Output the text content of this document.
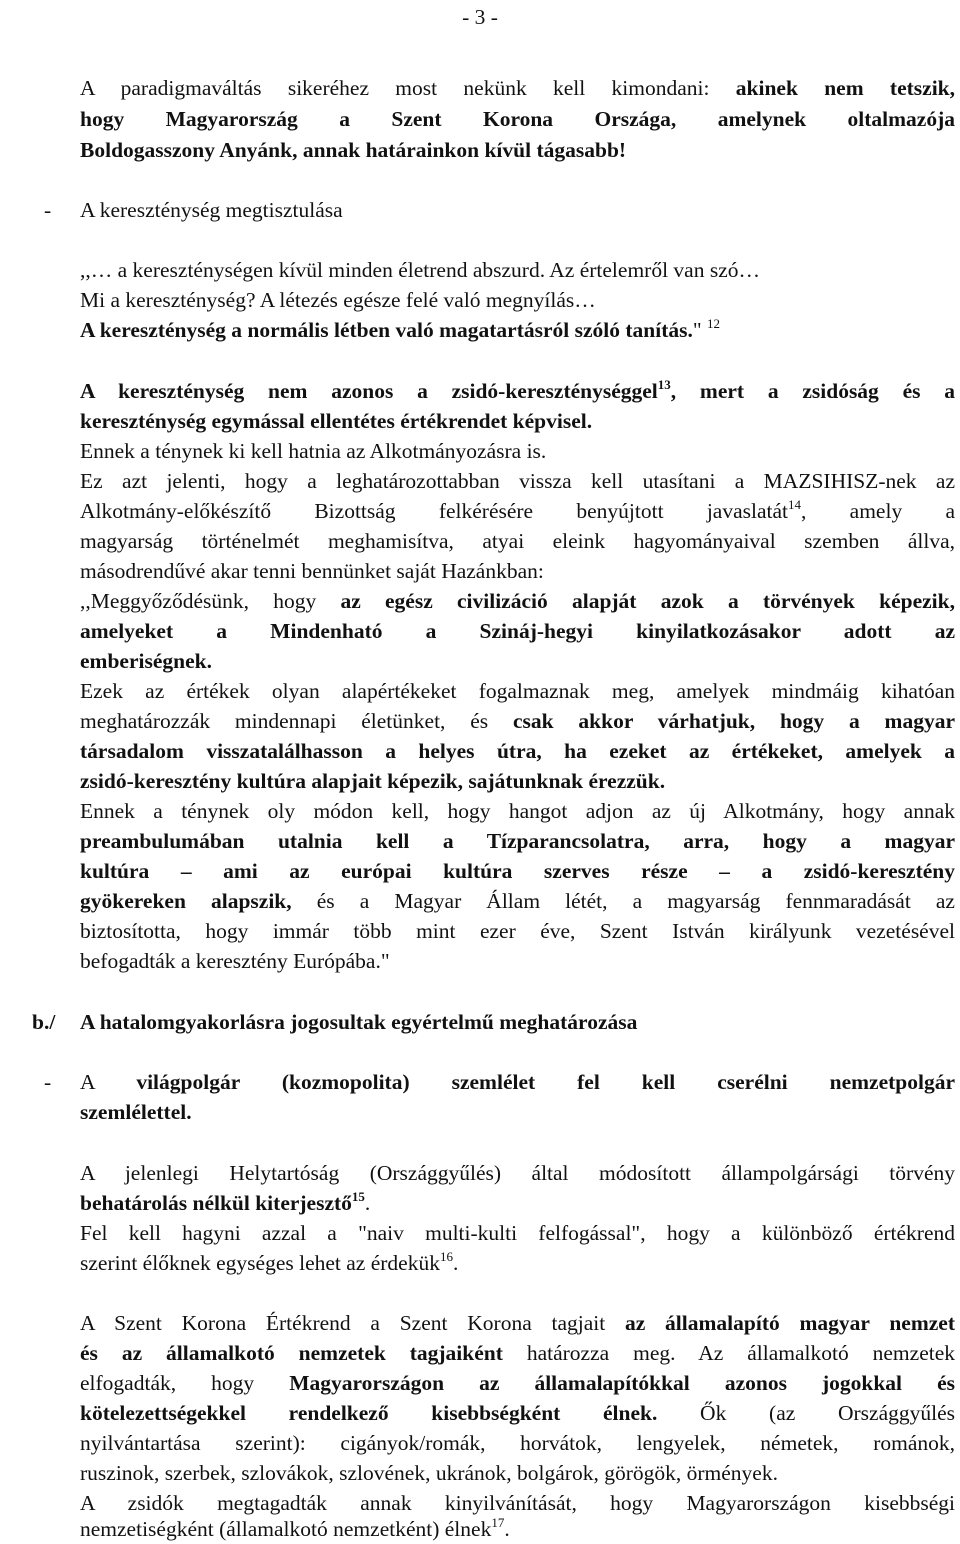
- 3 -
A paradigmaváltás sikeréhez most nekünk kell kimondani: akinek nem tetszik,
hogy Magyarország a Szent Korona Országa, amelynek oltalmazója
Boldogasszony Anyánk, annak határainkon kívül tágasabb!
- A kereszténység megtisztulása
,,… a kereszténységen kívül minden életrend abszurd. Az értelemről van szó…
Mi a kereszténység? A létezés egésze felé való megnyílás…
A kereszténység a normális létben való magatartásról szóló tanítás." $^{12}$
A kereszténység nem azonos a zsidó-kereszténységgel$^{13}$, mert a zsidóság és a
kereszténység egymással ellentétes értékrendet képvisel.
Ennek a ténynek ki kell hatnia az Alkotmányozásra is.
Ez azt jelenti, hogy a leghatározottabban vissza kell utasítani a MAZSIHISZ-nek az
Alkotmány-előkészítő Bizottság felkérésére benyújtott javaslatát$^{14}$, amely a
magyarság történelmét meghamisítva, atyai eleink hagyományaival szemben állva,
másodrendűvé akar tenni bennünket saját Hazánkban:
,,Meggyőződésünk, hogy az egész civilizáció alapját azok a törvények képezik,
amelyeket a Mindenható a Szináj-hegyi kinyilatkozásakor adott az
emberiségnek.
Ezek az értékek olyan alapértékeket fogalmaznak meg, amelyek mindmáig kihatóan
meghatározzák mindennapi életünket, és csak akkor várhatjuk, hogy a magyar
társadalom visszatalálhasson a helyes útra, ha ezeket az értékeket, amelyek a
zsidó-keresztény kultúra alapjait képezik, sajátunknak érezzük.
Ennek a ténynek oly módon kell, hogy hangot adjon az új Alkotmány, hogy annak
preambulumában utalnia kell a Tízparancsolatra, arra, hogy a magyar
kultúra – ami az európai kultúra szerves része – a zsidó-keresztény
gyökereken alapszik, és a Magyar Állam létét, a magyarság fennmaradását az
biztosította, hogy immár több mint ezer éve, Szent István királyunk vezetésével
befogadták a keresztény Európába."
b./	A hatalomgyakorlásra jogosultak egyértelmű meghatározása
- A világpolgár (kozmopolita) szemlélet fel kell cserélni nemzetpolgár
szemlélettel.
A jelenlegi Helytartóság (Országgyűlés) által módosított állampolgársági törvény
behatárolás nélkül kiterjesztő$^{15}$.
Fel kell hagyni azzal a "naiv multi-kulti felfogással", hogy a különböző értékrend
szerint élőknek egységes lehet az érdekük$^{16}$.
A Szent Korona Értékrend a Szent Korona tagjait az államalapító magyar nemzet
és az államalkotó nemzetek tagjaiként határozza meg. Az államalkotó nemzetek
elfogadták, hogy Magyarországon az államalapítókkal azonos jogokkal és
kötelezettségekkel rendelkező kisebbségként élnek. Ők (az Országgyűlés
nyilvántartása szerint): cigányok/romák, horvátok, lengyelek, németek, románok,
ruszinok, szerbek, szlovákok, szlovének, ukránok, bolgárok, görögök, örmények.
A zsidók megtagadták annak kinyilvánítását, hogy Magyarországon kisebbségi
nemzetiségként (államalkotó nemzetként) élnek$^{17}$.
